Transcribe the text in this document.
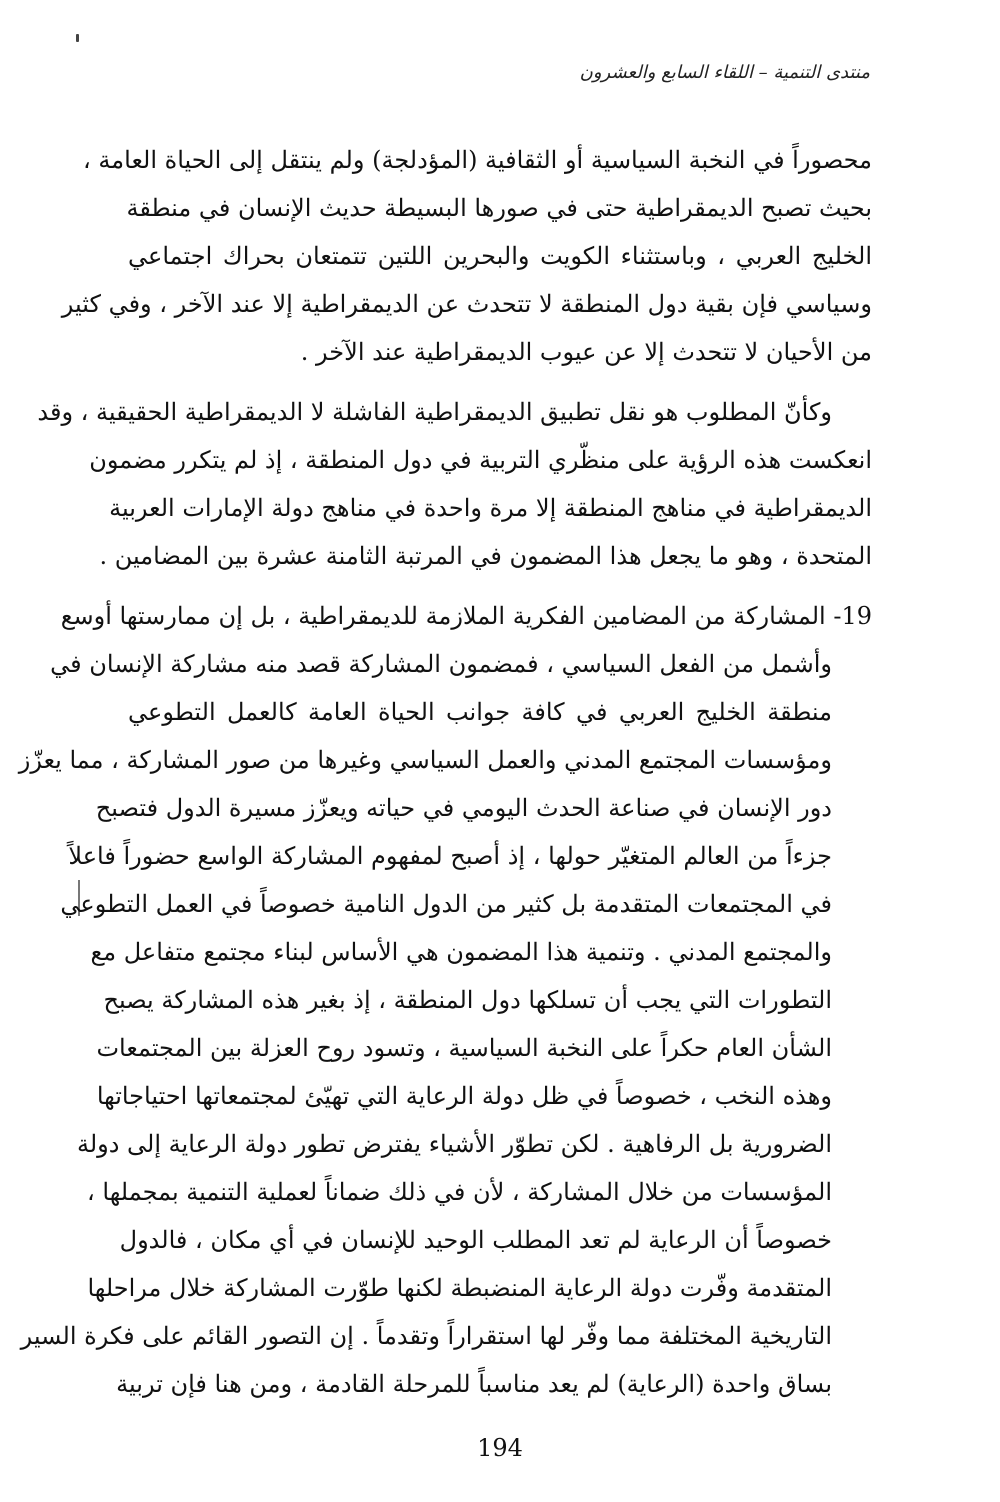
منتدى التنمية – اللقاء السابع والعشرون
محصوراً في النخبة السياسية أو الثقافية (المؤدلجة) ولم ينتقل إلى الحياة العامة ،
بحيث تصبح الديمقراطية حتى في صورها البسيطة حديث الإنسان في منطقة
الخليج العربي ، وباستثناء الكويت والبحرين اللتين تتمتعان بحراك اجتماعي
وسياسي فإن بقية دول المنطقة لا تتحدث عن الديمقراطية إلا عند الآخر ، وفي كثير
من الأحيان لا تتحدث إلا عن عيوب الديمقراطية عند الآخر .
وكأنّ المطلوب هو نقل تطبيق الديمقراطية الفاشلة لا الديمقراطية الحقيقية ، وقد
انعكست هذه الرؤية على منظّري التربية في دول المنطقة ، إذ لم يتكرر مضمون
الديمقراطية في مناهج المنطقة إلا مرة واحدة في مناهج دولة الإمارات العربية
المتحدة ، وهو ما يجعل هذا المضمون في المرتبة الثامنة عشرة بين المضامين .
19- المشاركة من المضامين الفكرية الملازمة للديمقراطية ، بل إن ممارستها أوسع
وأشمل من الفعل السياسي ، فمضمون المشاركة قصد منه مشاركة الإنسان في
منطقة الخليج العربي في كافة جوانب الحياة العامة كالعمل التطوعي
ومؤسسات المجتمع المدني والعمل السياسي وغيرها من صور المشاركة ، مما يعزّز
دور الإنسان في صناعة الحدث اليومي في حياته ويعزّز مسيرة الدول فتصبح
جزءاً من العالم المتغيّر حولها ، إذ أصبح لمفهوم المشاركة الواسع حضوراً فاعلاً
في المجتمعات المتقدمة بل كثير من الدول النامية خصوصاً في العمل التطوعي
والمجتمع المدني . وتنمية هذا المضمون هي الأساس لبناء مجتمع متفاعل مع
التطورات التي يجب أن تسلكها دول المنطقة ، إذ بغير هذه المشاركة يصبح
الشأن العام حكراً على النخبة السياسية ، وتسود روح العزلة بين المجتمعات
وهذه النخب ، خصوصاً في ظل دولة الرعاية التي تهيّئ لمجتمعاتها احتياجاتها
الضرورية بل الرفاهية . لكن تطوّر الأشياء يفترض تطور دولة الرعاية إلى دولة
المؤسسات من خلال المشاركة ، لأن في ذلك ضماناً لعملية التنمية بمجملها ،
خصوصاً أن الرعاية لم تعد المطلب الوحيد للإنسان في أي مكان ، فالدول
المتقدمة وفّرت دولة الرعاية المنضبطة لكنها طوّرت المشاركة خلال مراحلها
التاريخية المختلفة مما وفّر لها استقراراً وتقدماً . إن التصور القائم على فكرة السير
بساق واحدة (الرعاية) لم يعد مناسباً للمرحلة القادمة ، ومن هنا فإن تربية
194
